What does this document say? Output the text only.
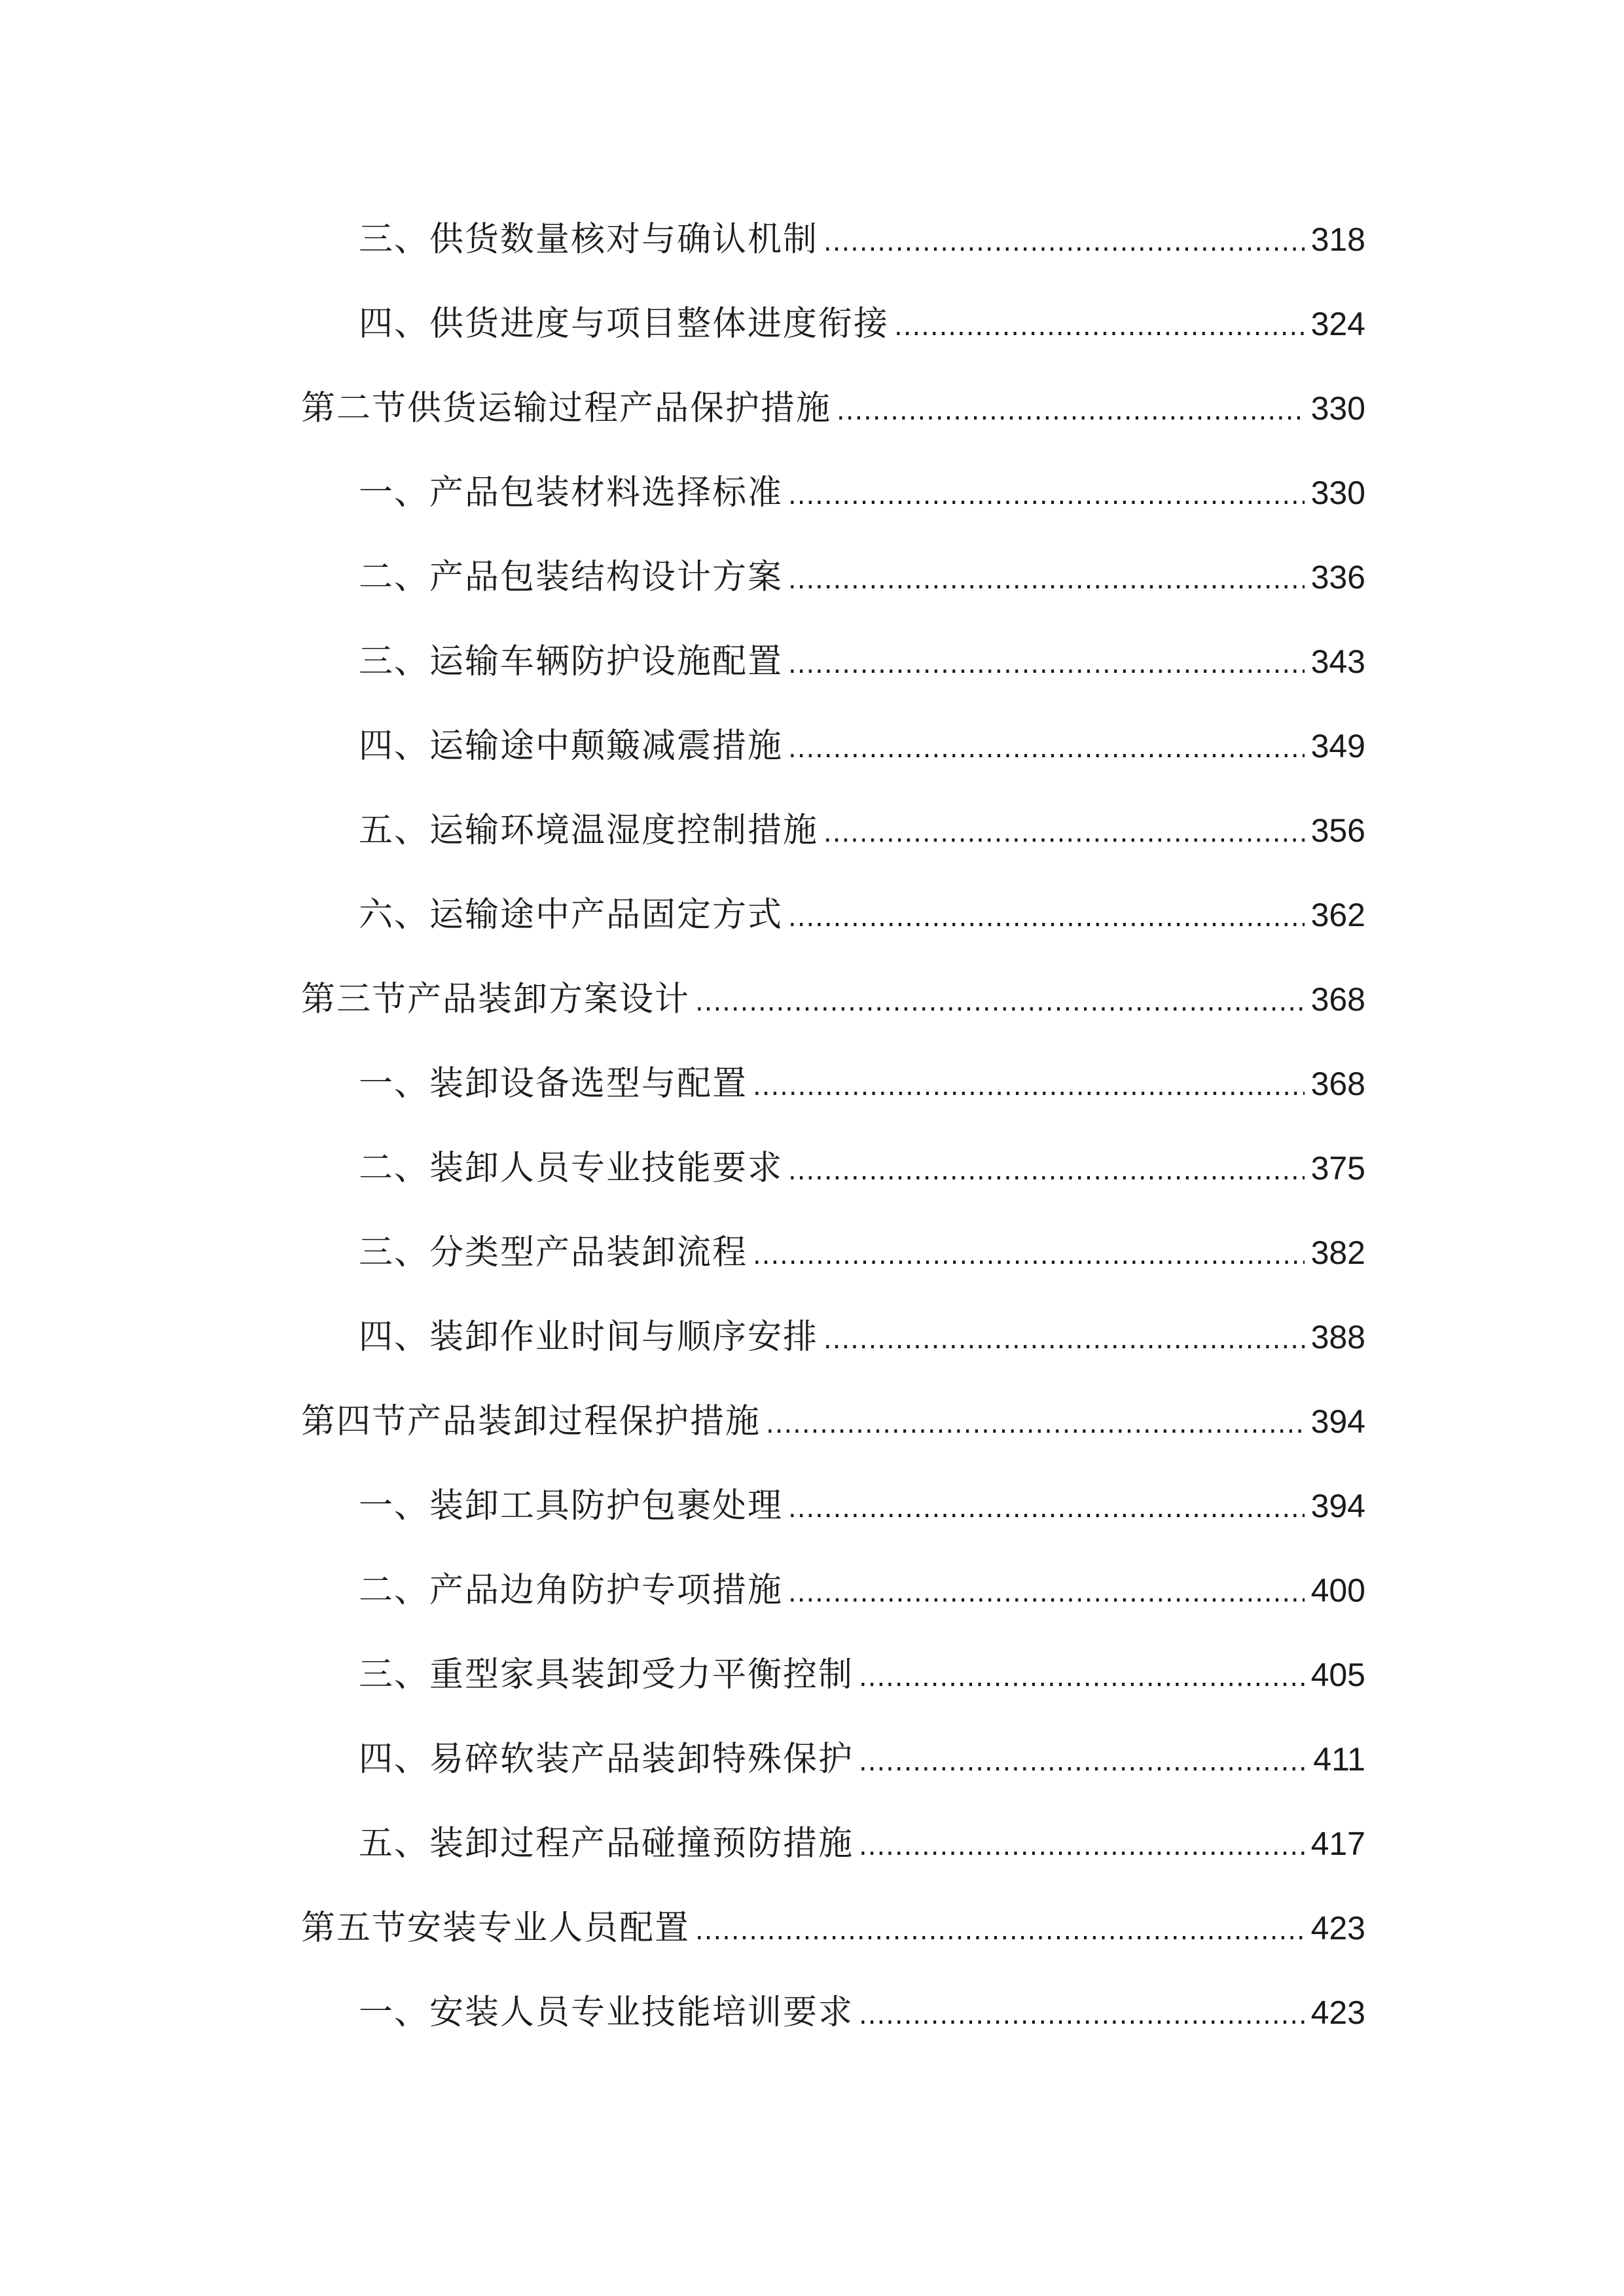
三、供货数量核对与确认机制 .....	318
四、供货进度与项目整体进度衔接 .....	324
第二节供货运输过程产品保护措施 .....	330
一、产品包装材料选择标准 .....	330
二、产品包装结构设计方案 .....	336
三、运输车辆防护设施配置 .....	343
四、运输途中颠簸减震措施 .....	349
五、运输环境温湿度控制措施 .....	356
六、运输途中产品固定方式 .....	362
第三节产品装卸方案设计 .....	368
一、装卸设备选型与配置 .....	368
二、装卸人员专业技能要求 .....	375
三、分类型产品装卸流程 .....	382
四、装卸作业时间与顺序安排 .....	388
第四节产品装卸过程保护措施 .....	394
一、装卸工具防护包裹处理 .....	394
二、产品边角防护专项措施 .....	400
三、重型家具装卸受力平衡控制 .....	405
四、易碎软装产品装卸特殊保护 .....	411
五、装卸过程产品碰撞预防措施 .....	417
第五节安装专业人员配置 .....	423
一、安装人员专业技能培训要求 .....	423
